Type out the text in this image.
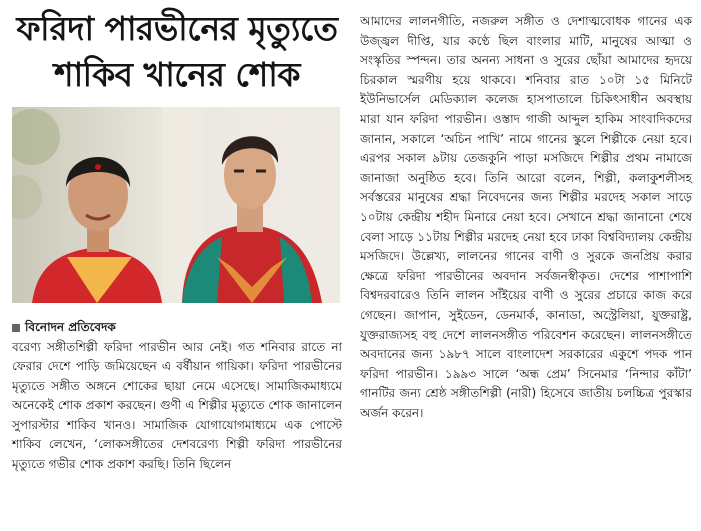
ফরিদা পারভীনের মৃত্যুতে
শাকিব খানের শোক
বিনোদন প্রতিবেদক

বরেণ্য সঙ্গীতশিল্পী ফরিদা পারভীন আর নেই। গত শনিবার রাতে না ফেরার দেশে পাড়ি জমিয়েছেন এ বর্ষীয়ান গায়িকা। ফরিদা পারভীনের মৃত্যুতে সঙ্গীত অঙ্গনে শোকের ছায়া নেমে এসেছে। সামাজিকমাধ্যমে অনেকেই শোক প্রকাশ করছেন। গুণী এ শিল্পীর মৃত্যুতে শোক জানালেন সুপারস্টার শাকিব খানও। সামাজিক যোগাযোগমাধ্যমে এক পোস্টে শাকিব লেখেন, ‘লোকসঙ্গীতের দেশবরেণ্য শিল্পী ফরিদা পারভীনের মৃত্যুতে গভীর শোক প্রকাশ করছি। তিনি ছিলেন

আমাদের লালনগীতি, নজরুল সঙ্গীত ও দেশাত্মবোধক গানের এক উজ্জ্বল দীপ্তি, যার কণ্ঠে ছিল বাংলার মাটি, মানুষের আত্মা ও সংস্কৃতির স্পন্দন। তার অনন্য সাধনা ও সুরের ছোঁয়া আমাদের হৃদয়ে চিরকাল স্মরণীয় হয়ে থাকবে। শনিবার রাত ১০টা ১৫ মিনিটে ইউনিভার্সেল মেডিক্যাল কলেজ হাসপাতালে চিকিৎসাধীন অবস্থায় মারা যান ফরিদা পারভীন। ওস্তাদ গাজী আব্দুল হাকিম সাংবাদিকদের জানান, সকালে ‘অচিন পাখি’ নামে গানের স্কুলে শিল্পীকে নেয়া হবে। এরপর সকাল ৯টায় তেজকুনি পাড়া মসজিদে শিল্পীর প্রথম নামাজে জানাজা অনুষ্ঠিত হবে। তিনি আরো বলেন, শিল্পী, কলাকুশলীসহ সর্বস্তরের মানুষের শ্রদ্ধা নিবেদনের জন্য শিল্পীর মরদেহ সকাল সাড়ে ১০টায় কেন্দ্রীয় শহীদ মিনারে নেয়া হবে। সেখানে শ্রদ্ধা জানানো শেষে বেলা সাড়ে ১১টায় শিল্পীর মরদেহ নেয়া হবে ঢাকা বিশ্ববিদ্যালয় কেন্দ্রীয় মসজিদে। উল্লেখ্য, লালনের গানের বাণী ও সুরকে জনপ্রিয় করার ক্ষেত্রে ফরিদা পারভীনের অবদান সর্বজনস্বীকৃত। দেশের পাশাপাশি বিশ্বদরবারেও তিনি লালন সাঁইয়ের বাণী ও সুরের প্রচারে কাজ করে গেছেন। জাপান, সুইডেন, ডেনমার্ক, কানাডা, অস্ট্রেলিয়া, যুক্তরাষ্ট্র, যুক্তরাজ্যসহ বহু দেশে লালনসঙ্গীত পরিবেশন করেছেন। লালনসঙ্গীতে অবদানের জন্য ১৯৮৭ সালে বাংলাদেশ সরকারের একুশে পদক পান ফরিদা পারভীন। ১৯৯৩ সালে ‘অন্ধ প্রেম’ সিনেমার ‘নিন্দার কাঁটা’ গানটির জন্য শ্রেষ্ঠ সঙ্গীতশিল্পী (নারী) হিসেবে জাতীয় চলচ্চিত্র পুরস্কার অর্জন করেন।
